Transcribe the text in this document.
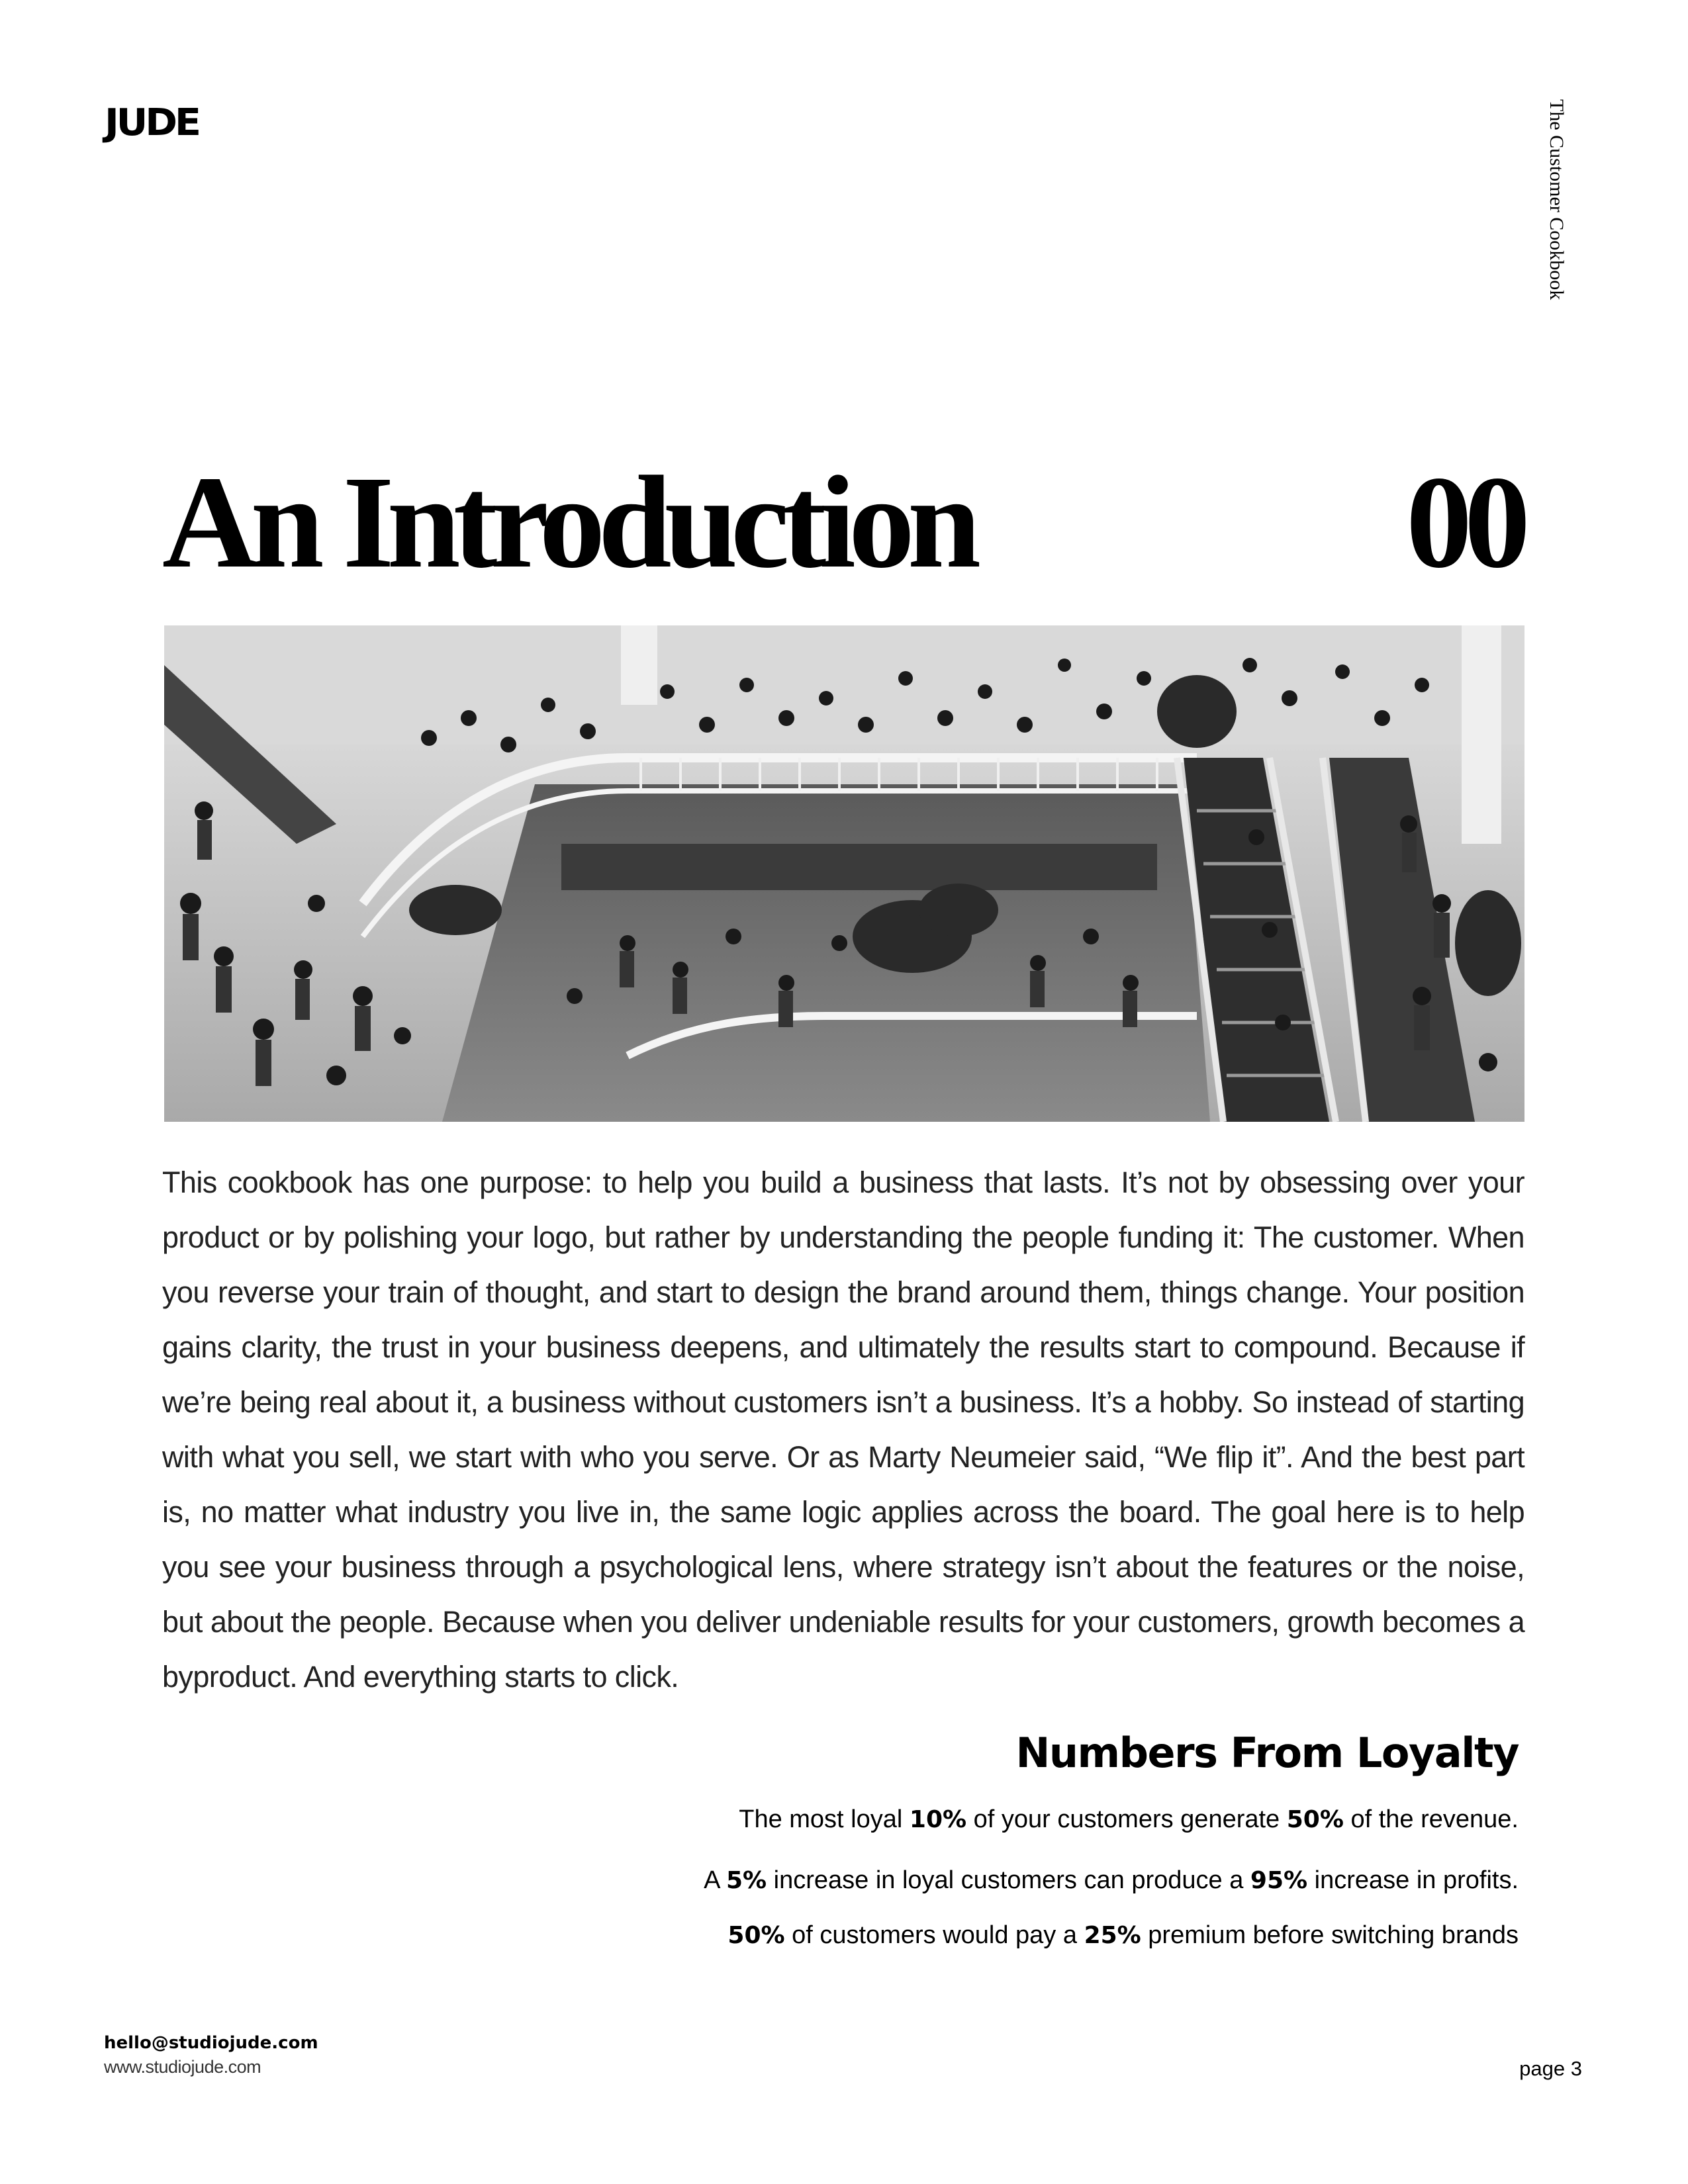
JUDE	The Customer Cookbook
An Introduction	00

This cookbook has one purpose: to help you build a business that lasts. It’s not by obsessing over your product or by polishing your logo, but rather by understanding the people funding it: The customer. When you reverse your train of thought, and start to design the brand around them, things change. Your position gains clarity, the trust in your business deepens, and ultimately the results start to compound. Because if we’re being real about it, a business without customers isn’t a business. It’s a hobby. So instead of starting with what you sell, we start with who you serve. Or as Marty Neumeier said, “We flip it”. And the best part is, no matter what industry you live in, the same logic applies across the board. The goal here is to help you see your business through a psychological lens, where strategy isn’t about the features or the noise, but about the people. Because when you deliver undeniable results for your customers, growth becomes a byproduct. And everything starts to click.

Numbers From Loyalty

The most loyal 10% of your customers generate 50% of the revenue.

A 5% increase in loyal customers can produce a 95% increase in profits.

50% of customers would pay a 25% premium before switching brands

hello@studiojude.com
www.studiojude.com	page 3
